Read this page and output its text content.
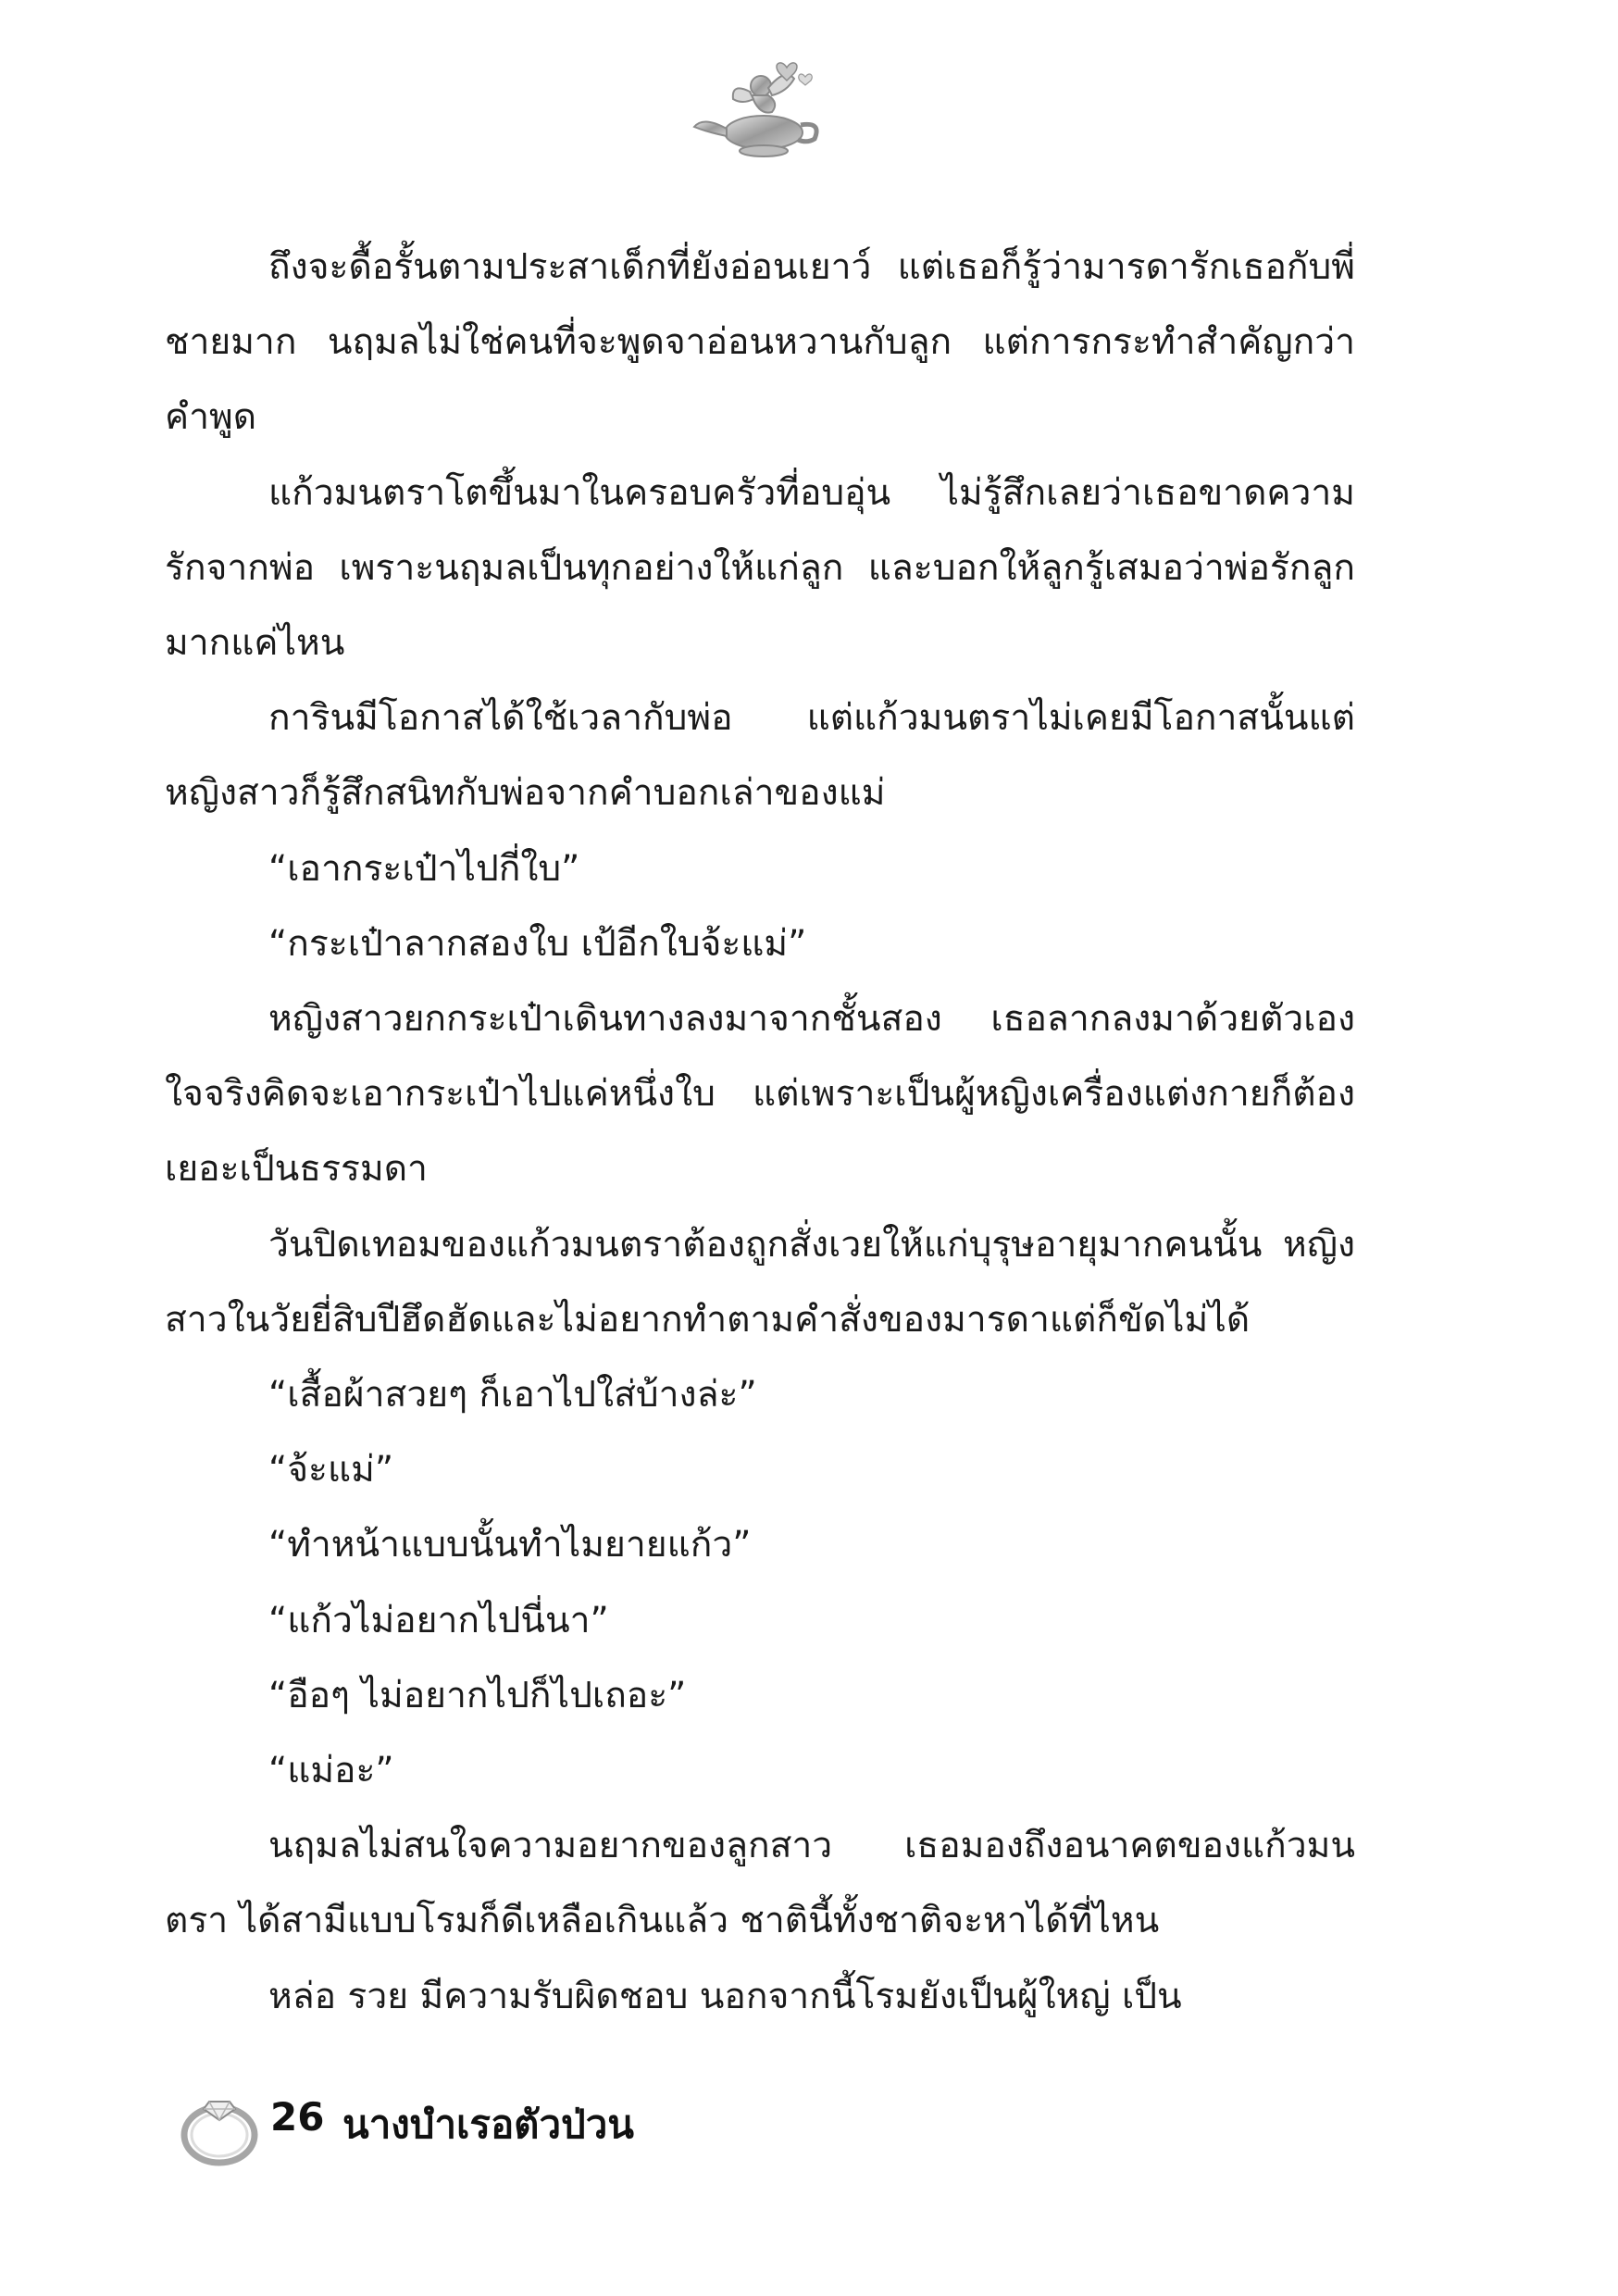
ถึงจะดื้อรั้นตามประสาเด็กที่ยังอ่อนเยาว์ แต่เธอก็รู้ว่ามารดารักเธอกับพี่ชายมาก นฤมลไม่ใช่คนที่จะพูดจาอ่อนหวานกับลูก แต่การกระทำสำคัญกว่าคำพูด

แก้วมนตราโตขึ้นมาในครอบครัวที่อบอุ่น ไม่รู้สึกเลยว่าเธอขาดความรักจากพ่อ เพราะนฤมลเป็นทุกอย่างให้แก่ลูก และบอกให้ลูกรู้เสมอว่าพ่อรักลูกมากแค่ไหน

การินมีโอกาสได้ใช้เวลากับพ่อ แต่แก้วมนตราไม่เคยมีโอกาสนั้นแต่หญิงสาวก็รู้สึกสนิทกับพ่อจากคำบอกเล่าของแม่

“เอากระเป๋าไปกี่ใบ”

“กระเป๋าลากสองใบ เป้อีกใบจ้ะแม่”

หญิงสาวยกกระเป๋าเดินทางลงมาจากชั้นสอง เธอลากลงมาด้วยตัวเอง ใจจริงคิดจะเอากระเป๋าไปแค่หนึ่งใบ แต่เพราะเป็นผู้หญิงเครื่องแต่งกายก็ต้องเยอะเป็นธรรมดา

วันปิดเทอมของแก้วมนตราต้องถูกสั่งเวยให้แก่บุรุษอายุมากคนนั้น หญิงสาวในวัยยี่สิบปีฮึดฮัดและไม่อยากทำตามคำสั่งของมารดาแต่ก็ขัดไม่ได้

“เสื้อผ้าสวยๆ ก็เอาไปใส่บ้างล่ะ”

“จ้ะแม่”

“ทำหน้าแบบนั้นทำไมยายแก้ว”

“แก้วไม่อยากไปนี่นา”

“อือๆ ไม่อยากไปก็ไปเถอะ”

“แม่อะ”

นฤมลไม่สนใจความอยากของลูกสาว เธอมองถึงอนาคตของแก้วมนตรา ได้สามีแบบโรมก็ดีเหลือเกินแล้ว ชาตินี้ทั้งชาติจะหาได้ที่ไหน

หล่อ รวย มีความรับผิดชอบ นอกจากนี้โรมยังเป็นผู้ใหญ่ เป็น

26 นางบำเรอตัวป่วน
